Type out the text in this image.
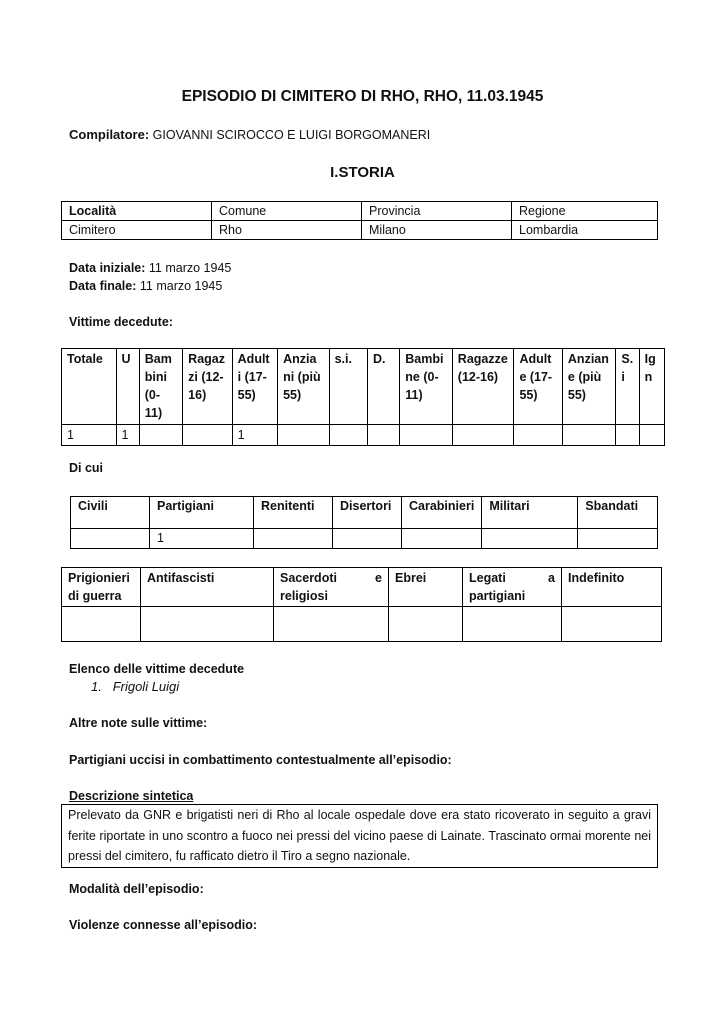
EPISODIO DI CIMITERO DI RHO, RHO, 11.03.1945
Compilatore: GIOVANNI SCIROCCO E LUIGI BORGOMANERI
I.STORIA
Località	Comune	Provincia	Regione
Cimitero	Rho	Milano	Lombardia
Data iniziale: 11 marzo 1945
Data finale: 11 marzo 1945
Vittime decedute:
Totale	U	Bam bini (0-11)	Ragaz zi (12-16)	Adult i (17-55)	Anzia ni (più 55)	s.i.	D.	Bambi ne (0-11)	Ragazze (12-16)	Adult e (17-55)	Anzian e (più 55)	S. i	Ig n
1	1			1									
Di cui
Civili	Partigiani	Renitenti	Disertori	Carabinieri	Militari	Sbandati
	1					
Prigionieri di guerra	Antifascisti	Sacerdoti e religiosi	Ebrei	Legati a partigiani	Indefinito

Elenco delle vittime decedute
1.   Frigoli Luigi
Altre note sulle vittime:
Partigiani uccisi in combattimento contestualmente all’episodio:
Descrizione sintetica
Prelevato da GNR e brigatisti neri di Rho al locale ospedale dove era stato ricoverato in seguito a gravi ferite riportate in uno scontro a fuoco nei pressi del vicino paese di Lainate. Trascinato ormai morente nei pressi del cimitero, fu rafficato dietro il Tiro a segno nazionale.
Modalità dell’episodio:
Violenze connesse all’episodio:
